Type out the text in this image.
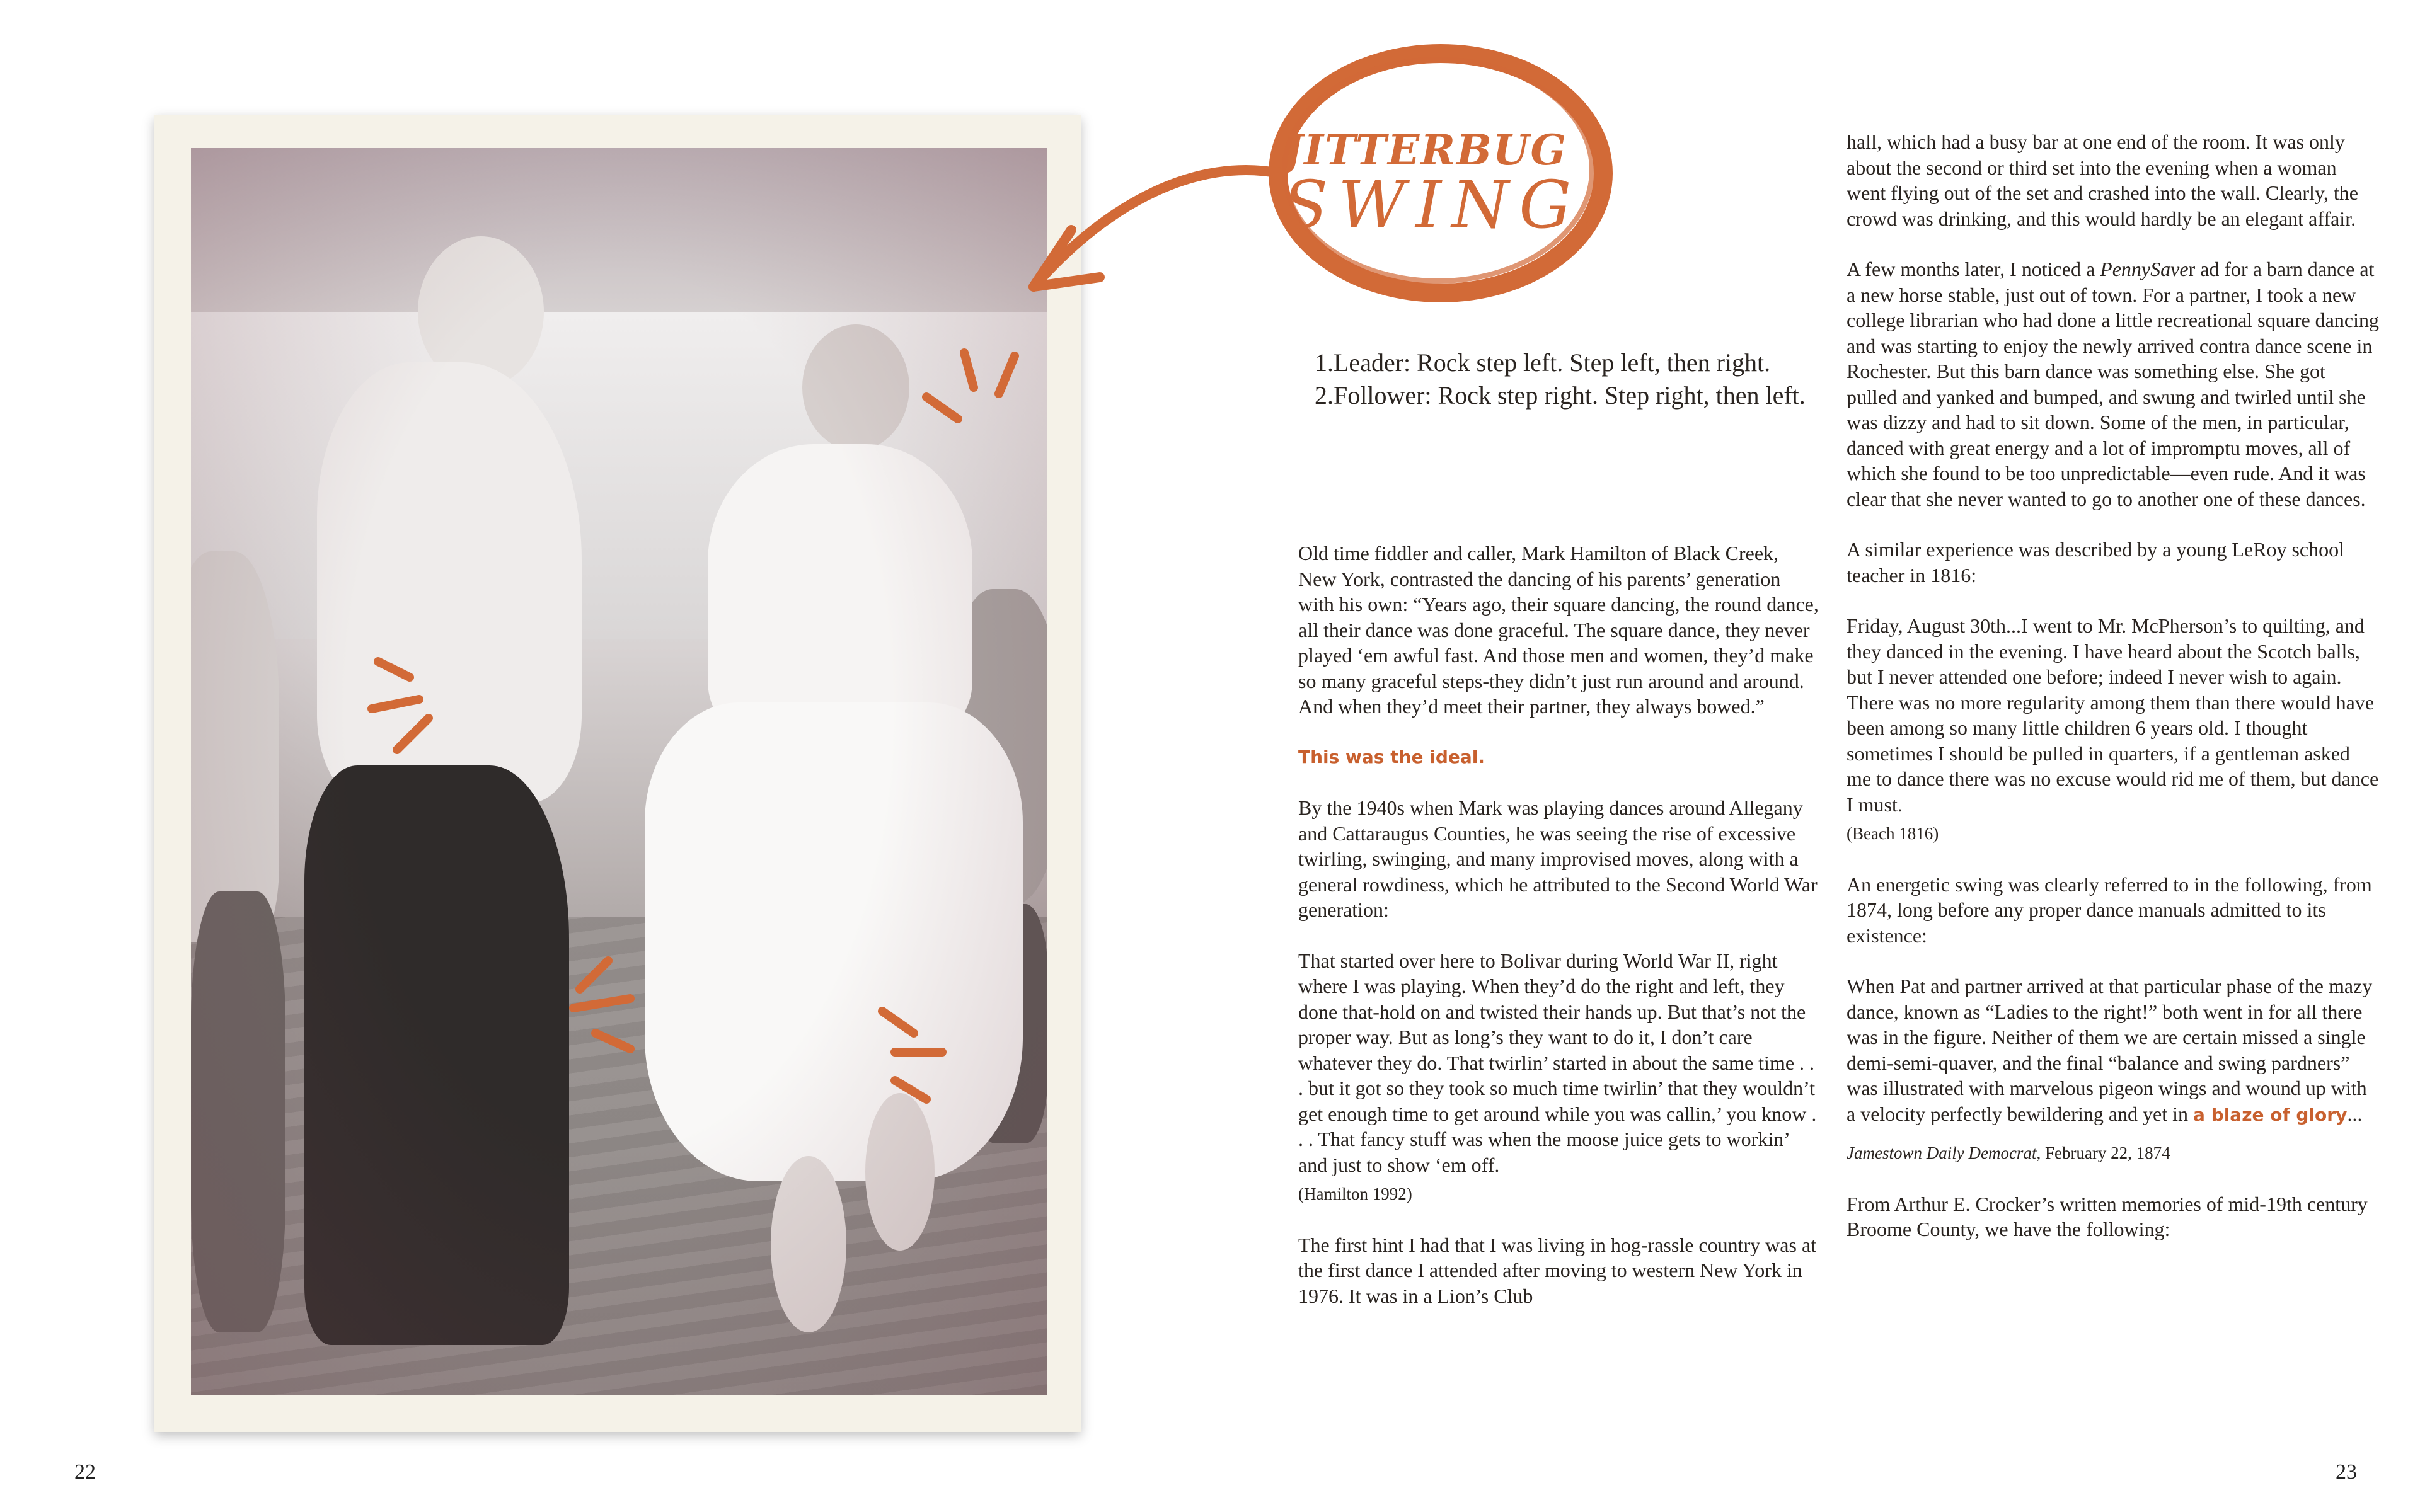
22	23
JITTERBUG
SWING:
1.Leader: Rock step left. Step left, then right.
2.Follower: Rock step right. Step right, then left.

Old time fiddler and caller, Mark Hamilton of Black Creek, New York, contrasted the dancing of his parents’ generation with his own: “Years ago, their square dancing, the round dance, all their dance was done graceful. The square dance, they never played ‘em awful fast. And those men and women, they’d make so many graceful steps-they didn’t just run around and around. And when they’d meet their partner, they always bowed.”

This was the ideal.

By the 1940s when Mark was playing dances around Allegany and Cattaraugus Counties, he was seeing the rise of excessive twirling, swinging, and many improvised moves, along with a general rowdiness, which he attributed to the Second World War generation:

That started over here to Bolivar during World War II, right where I was playing. When they’d do the right and left, they done that-hold on and twisted their hands up. But that’s not the proper way. But as long’s they want to do it, I don’t care whatever they do. That twirlin’ started in about the same time . . . but it got so they took so much time twirlin’ that they wouldn’t get enough time to get around while you was callin,’ you know . . . That fancy stuff was when the moose juice gets to workin’ and just to show ‘em off.

(Hamilton 1992)

The first hint I had that I was living in hog-rassle country was at the first dance I attended after moving to western New York in 1976. It was in a Lion’s Club

hall, which had a busy bar at one end of the room. It was only about the second or third set into the evening when a woman went flying out of the set and crashed into the wall. Clearly, the crowd was drinking, and this would hardly be an elegant affair.

A few months later, I noticed a PennySaver ad for a barn dance at a new horse stable, just out of town. For a partner, I took a new college librarian who had done a little recreational square dancing and was starting to enjoy the newly arrived contra dance scene in Rochester. But this barn dance was something else. She got pulled and yanked and bumped, and swung and twirled until she was dizzy and had to sit down. Some of the men, in particular, danced with great energy and a lot of impromptu moves, all of which she found to be too unpredictable—even rude. And it was clear that she never wanted to go to another one of these dances.

A similar experience was described by a young LeRoy school teacher in 1816:

Friday, August 30th...I went to Mr. McPherson’s to quilting, and they danced in the evening. I have heard about the Scotch balls, but I never attended one before; indeed I never wish to again. There was no more regularity among them than there would have been among so many little children 6 years old. I thought sometimes I should be pulled in quarters, if a gentleman asked me to dance there was no excuse would rid me of them, but dance I must.

(Beach 1816)

An energetic swing was clearly referred to in the following, from 1874, long before any proper dance manuals admitted to its existence:

When Pat and partner arrived at that particular phase of the mazy dance, known as “Ladies to the right!” both went in for all there was in the figure. Neither of them we are certain missed a single demi-semi-quaver, and the final “balance and swing pardners” was illustrated with marvelous pigeon wings and wound up with a velocity perfectly bewildering and yet in a blaze of glory...

Jamestown Daily Democrat, February 22, 1874

From Arthur E. Crocker’s written memories of mid-19th century Broome County, we have the following:
